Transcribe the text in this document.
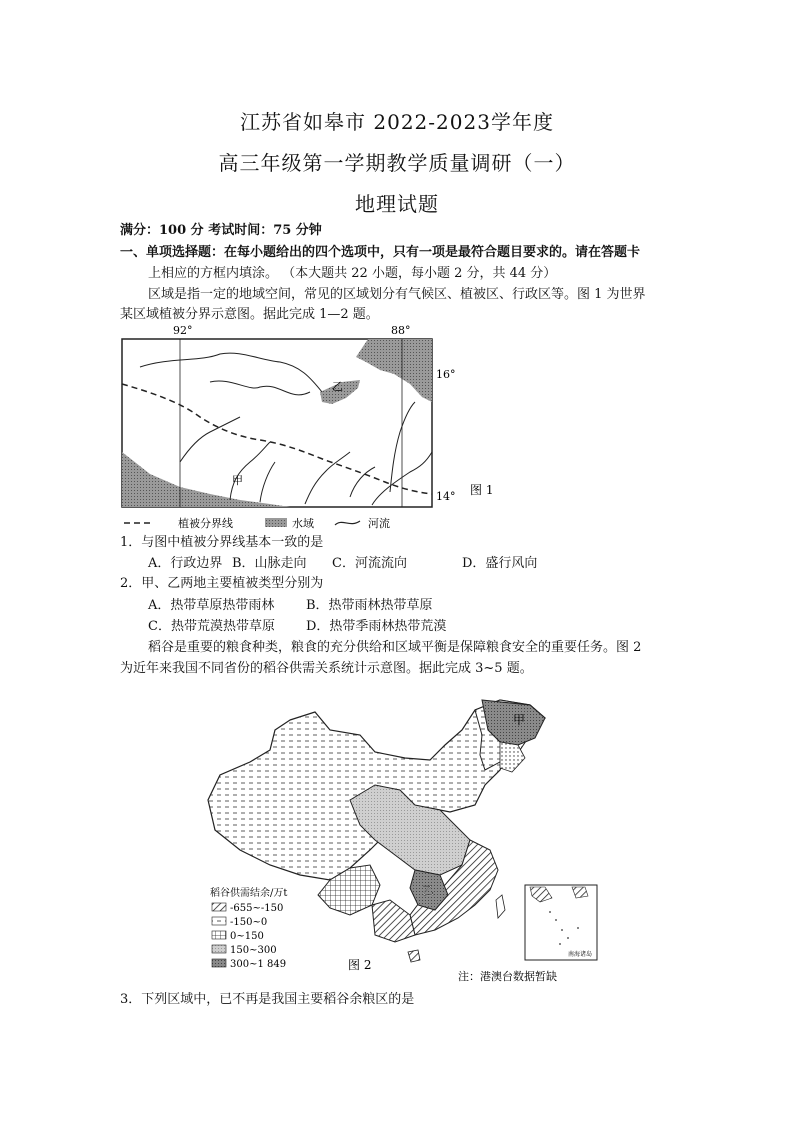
江苏省如皋市 2022-2023学年度
高三年级第一学期教学质量调研（一）
地理试题
满分：100 分 考试时间：75 分钟
一、单项选择题：在每小题给出的四个选项中，只有一项是最符合题目要求的。请在答题卡
上相应的方框内填涂。 （本大题共 22 小题，每小题 2 分，共 44 分）
区域是指一定的地域空间，常见的区域划分有气候区、植被区、行政区等。图 1 为世界
某区域植被分界示意图。据此完成 1—2 题。
92°	88°
16°
14°
甲
乙
图 1
植被分界线	水域	河流
1．与图中植被分界线基本一致的是
A．行政边界 B．山脉走向 C．河流流向	D．盛行风向
2．甲、乙两地主要植被类型分别为
A．热带草原热带雨林 B．热带雨林热带草原
C．热带荒漠热带草原 D．热带季雨林热带荒漠
稻谷是重要的粮食种类，粮食的充分供给和区域平衡是保障粮食安全的重要任务。图 2
为近年来我国不同省份的稻谷供需关系统计示意图。据此完成 3~5 题。
甲
乙
南海诸岛
稻谷供需结余/万t
-655~-150
-150~0
0~150
150~300
300~1 849	图 2
注：港澳台数据暂缺
3．下列区域中，已不再是我国主要稻谷余粮区的是
